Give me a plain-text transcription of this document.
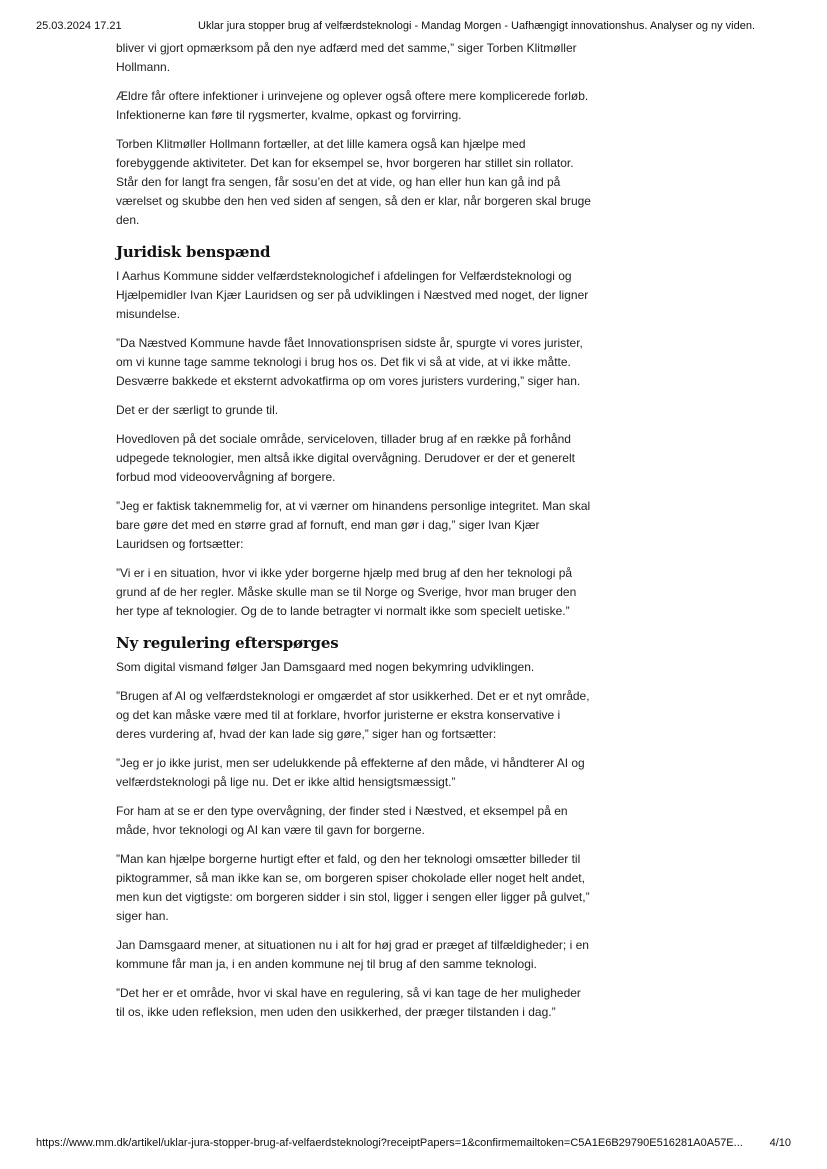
25.03.2024 17.21	Uklar jura stopper brug af velfærdsteknologi - Mandag Morgen - Uafhængigt innovationshus. Analyser og ny viden.

bliver vi gjort opmærksom på den nye adfærd med det samme,” siger Torben Klitmøller Hollmann.

Ældre får oftere infektioner i urinvejene og oplever også oftere mere komplicerede forløb. Infektionerne kan føre til rygsmerter, kvalme, opkast og forvirring.

Torben Klitmøller Hollmann fortæller, at det lille kamera også kan hjælpe med forebyggende aktiviteter. Det kan for eksempel se, hvor borgeren har stillet sin rollator. Står den for langt fra sengen, får sosu’en det at vide, og han eller hun kan gå ind på værelset og skubbe den hen ved siden af sengen, så den er klar, når borgeren skal bruge den.

Juridisk benspænd

I Aarhus Kommune sidder velfærdsteknologichef i afdelingen for Velfærdsteknologi og Hjælpemidler Ivan Kjær Lauridsen og ser på udviklingen i Næstved med noget, der ligner misundelse.

”Da Næstved Kommune havde fået Innovationsprisen sidste år, spurgte vi vores jurister, om vi kunne tage samme teknologi i brug hos os. Det fik vi så at vide, at vi ikke måtte. Desværre bakkede et eksternt advokatfirma op om vores juristers vurdering,” siger han.

Det er der særligt to grunde til.

Hovedloven på det sociale område, serviceloven, tillader brug af en række på forhånd udpegede teknologier, men altså ikke digital overvågning. Derudover er der et generelt forbud mod videoovervågning af borgere.

”Jeg er faktisk taknemmelig for, at vi værner om hinandens personlige integritet. Man skal bare gøre det med en større grad af fornuft, end man gør i dag,” siger Ivan Kjær Lauridsen og fortsætter:

”Vi er i en situation, hvor vi ikke yder borgerne hjælp med brug af den her teknologi på grund af de her regler. Måske skulle man se til Norge og Sverige, hvor man bruger den her type af teknologier. Og de to lande betragter vi normalt ikke som specielt uetiske.”

Ny regulering efterspørges

Som digital vismand følger Jan Damsgaard med nogen bekymring udviklingen.

”Brugen af AI og velfærdsteknologi er omgærdet af stor usikkerhed. Det er et nyt område, og det kan måske være med til at forklare, hvorfor juristerne er ekstra konservative i deres vurdering af, hvad der kan lade sig gøre,” siger han og fortsætter:

”Jeg er jo ikke jurist, men ser udelukkende på effekterne af den måde, vi håndterer AI og velfærdsteknologi på lige nu. Det er ikke altid hensigtsmæssigt.”

For ham at se er den type overvågning, der finder sted i Næstved, et eksempel på en måde, hvor teknologi og AI kan være til gavn for borgerne.

”Man kan hjælpe borgerne hurtigt efter et fald, og den her teknologi omsætter billeder til piktogrammer, så man ikke kan se, om borgeren spiser chokolade eller noget helt andet, men kun det vigtigste: om borgeren sidder i sin stol, ligger i sengen eller ligger på gulvet,” siger han.

Jan Damsgaard mener, at situationen nu i alt for høj grad er præget af tilfældigheder; i en kommune får man ja, i en anden kommune nej til brug af den samme teknologi.

”Det her er et område, hvor vi skal have en regulering, så vi kan tage de her muligheder til os, ikke uden refleksion, men uden den usikkerhed, der præger tilstanden i dag.”

https://www.mm.dk/artikel/uklar-jura-stopper-brug-af-velfaerdsteknologi?receiptPapers=1&confirmemailtoken=C5A1E6B29790E516281A0A57E... 4/10
